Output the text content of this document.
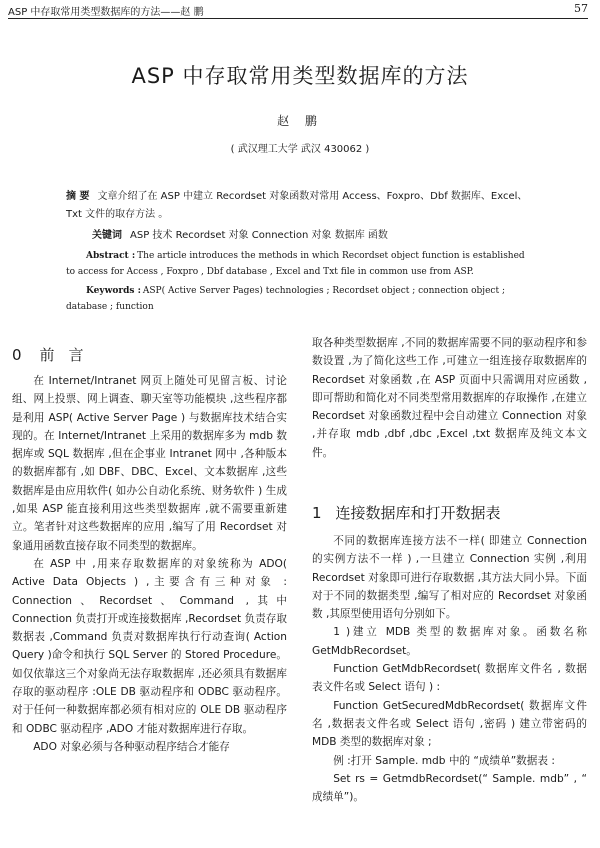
ASP 中存取常用类型数据库的方法——赵 鹏	57
ASP 中存取常用类型数据库的方法
赵 鹏
( 武汉理工大学 武汉 430062 )
摘 要 文章介绍了在 ASP 中建立 Recordset 对象函数对常用 Access、Foxpro、Dbf 数据库、Excel、Txt 文件的取存方法 。
关键词 ASP 技术 Recordset 对象 Connection 对象 数据库 函数
Abstract : The article introduces the methods in which Recordset object function is established to access for Access , Foxpro , Dbf database , Excel and Txt file in common use from ASP.
Keywords : ASP( Active Server Pages) technologies ; Recordset object ; connection object ; database ; function
0 前言

在 Internet/Intranet 网页上随处可见留言板、讨论组、网上投票、网上调查、聊天室等功能模块 ,这些程序都是利用 ASP( Active Server Page ) 与数据库技术结合实现的。在 Internet/Intranet 上采用的数据库多为 mdb 数据库或 SQL 数据库 ,但在企事业 Intranet 网中 ,各种版本的数据库都有 ,如 DBF、DBC、Excel、文本数据库 ,这些数据库是由应用软件( 如办公自动化系统、财务软件 ) 生成 ,如果 ASP 能直接利用这些类型数据库 ,就不需要重新建立。笔者针对这些数据库的应用 ,编写了用 Recordset 对象通用函数直接存取不同类型的数据库。

在 ASP 中 ,用来存取数据库的对象统称为 ADO( Active Data Objects ) ,主要含有三种对象 : Connection、Recordset、Command ,其中 Connection 负责打开或连接数据库 ,Recordset 负责存取数据表 ,Command 负责对数据库执行行动查询( Action Query )命令和执行 SQL Server 的 Stored Procedure。如仅依靠这三个对象尚无法存取数据库 ,还必须具有数据库存取的驱动程序 :OLE DB 驱动程序和 ODBC 驱动程序。对于任何一种数据库都必须有相对应的 OLE DB 驱动程序和 ODBC 驱动程序 ,ADO 才能对数据库进行存取。

ADO 对象必须与各种驱动程序结合才能存

取各种类型数据库 ,不同的数据库需要不同的驱动程序和参数设置 ,为了简化这些工作 ,可建立一组连接存取数据库的 Recordset 对象函数 ,在 ASP 页面中只需调用对应函数 ,即可帮助和简化对不同类型常用数据库的存取操作 ,在建立 Recordset 对象函数过程中会自动建立 Connection 对象 ,并存取 mdb ,dbf ,dbc ,Excel ,txt 数据库及纯文本文件。

1 连接数据库和打开数据表

不同的数据库连接方法不一样( 即建立 Connection 的实例方法不一样 ) ,一旦建立 Connection 实例 ,利用 Recordset 对象即可进行存取数据 ,其方法大同小异。下面对于不同的数据类型 ,编写了相对应的 Recordset 对象函数 ,其原型使用语句分别如下。

1 )建立 MDB 类型的数据库对象。函数名称 GetMdbRecordset。

Function GetMdbRecordset( 数据库文件名 , 数据表文件名或 Select 语句 ) :

Function GetSecuredMdbRecordset( 数据库文件名 ,数据表文件名或 Select 语句 ,密码 ) 建立带密码的 MDB 类型的数据库对象 ;

例 :打开 Sample. mdb 中的 “成绩单”数据表 :

Set rs = GetmdbRecordset(“ Sample. mdb” , “ 成绩单”)。
